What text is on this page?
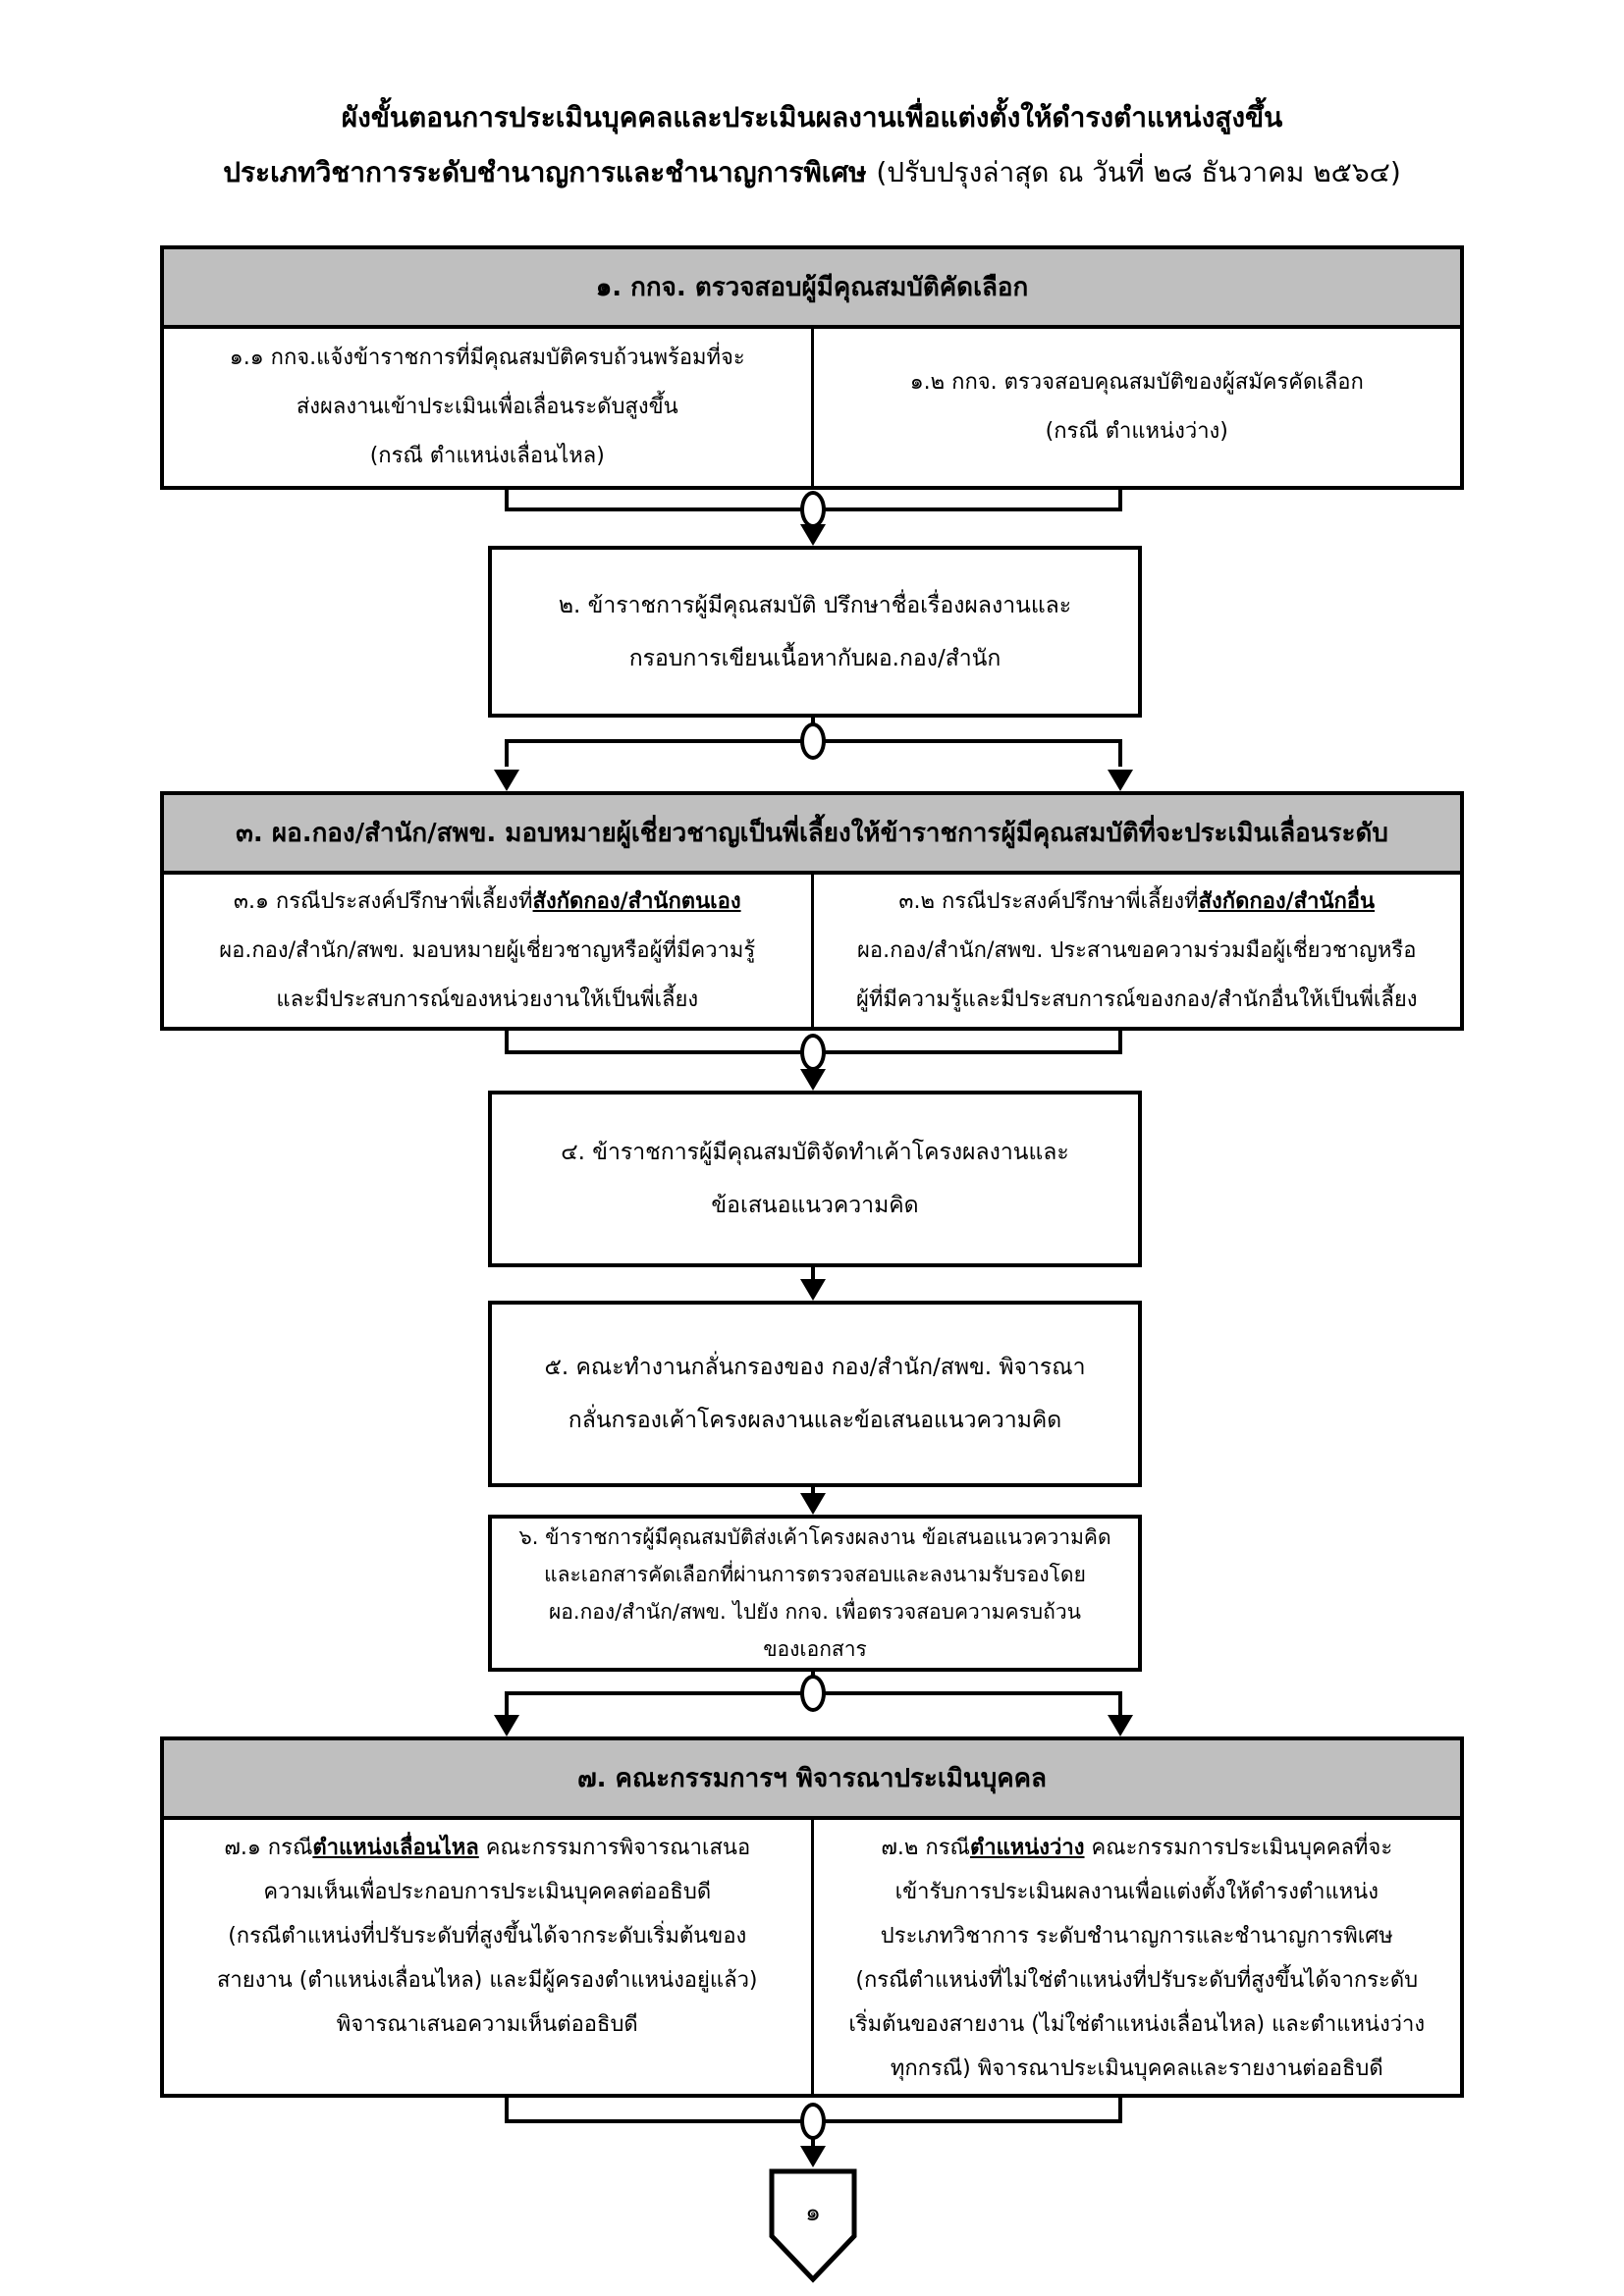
ผังขั้นตอนการประเมินบุคคลและประเมินผลงานเพื่อแต่งตั้งให้ดำรงตำแหน่งสูงขึ้น
ประเภทวิชาการระดับชำนาญการและชำนาญการพิเศษ (ปรับปรุงล่าสุด ณ วันที่ ๒๘ ธันวาคม ๒๕๖๔)
๑. กกจ. ตรวจสอบผู้มีคุณสมบัติคัดเลือก
๑.๑ กกจ.แจ้งข้าราชการที่มีคุณสมบัติครบถ้วนพร้อมที่จะ
ส่งผลงานเข้าประเมินเพื่อเลื่อนระดับสูงขึ้น
(กรณี ตำแหน่งเลื่อนไหล)
๑.๒ กกจ. ตรวจสอบคุณสมบัติของผู้สมัครคัดเลือก
(กรณี ตำแหน่งว่าง)
๒. ข้าราชการผู้มีคุณสมบัติ ปรึกษาชื่อเรื่องผลงานและ
กรอบการเขียนเนื้อหากับผอ.กอง/สำนัก
๓. ผอ.กอง/สำนัก/สพข. มอบหมายผู้เชี่ยวชาญเป็นพี่เลี้ยงให้ข้าราชการผู้มีคุณสมบัติที่จะประเมินเลื่อนระดับ
๓.๑ กรณีประสงค์ปรึกษาพี่เลี้ยงที่สังกัดกอง/สำนักตนเอง
ผอ.กอง/สำนัก/สพข. มอบหมายผู้เชี่ยวชาญหรือผู้ที่มีความรู้
และมีประสบการณ์ของหน่วยงานให้เป็นพี่เลี้ยง
๓.๒ กรณีประสงค์ปรึกษาพี่เลี้ยงที่สังกัดกอง/สำนักอื่น
ผอ.กอง/สำนัก/สพข. ประสานขอความร่วมมือผู้เชี่ยวชาญหรือ
ผู้ที่มีความรู้และมีประสบการณ์ของกอง/สำนักอื่นให้เป็นพี่เลี้ยง
๔. ข้าราชการผู้มีคุณสมบัติจัดทำเค้าโครงผลงานและ
ข้อเสนอแนวความคิด
๕. คณะทำงานกลั่นกรองของ กอง/สำนัก/สพข. พิจารณา
กลั่นกรองเค้าโครงผลงานและข้อเสนอแนวความคิด
๖. ข้าราชการผู้มีคุณสมบัติส่งเค้าโครงผลงาน ข้อเสนอแนวความคิด
และเอกสารคัดเลือกที่ผ่านการตรวจสอบและลงนามรับรองโดย
ผอ.กอง/สำนัก/สพข. ไปยัง กกจ. เพื่อตรวจสอบความครบถ้วน
ของเอกสาร
๗. คณะกรรมการฯ พิจารณาประเมินบุคคล
๗.๑ กรณีตำแหน่งเลื่อนไหล คณะกรรมการพิจารณาเสนอ
ความเห็นเพื่อประกอบการประเมินบุคคลต่ออธิบดี
(กรณีตำแหน่งที่ปรับระดับที่สูงขึ้นได้จากระดับเริ่มต้นของ
สายงาน (ตำแหน่งเลื่อนไหล) และมีผู้ครองตำแหน่งอยู่แล้ว)
พิจารณาเสนอความเห็นต่ออธิบดี
๗.๒ กรณีตำแหน่งว่าง คณะกรรมการประเมินบุคคลที่จะ
เข้ารับการประเมินผลงานเพื่อแต่งตั้งให้ดำรงตำแหน่ง
ประเภทวิชาการ ระดับชำนาญการและชำนาญการพิเศษ
(กรณีตำแหน่งที่ไม่ใช่ตำแหน่งที่ปรับระดับที่สูงขึ้นได้จากระดับ
เริ่มต้นของสายงาน (ไม่ใช่ตำแหน่งเลื่อนไหล) และตำแหน่งว่าง
ทุกกรณี) พิจารณาประเมินบุคคลและรายงานต่ออธิบดี
๑
